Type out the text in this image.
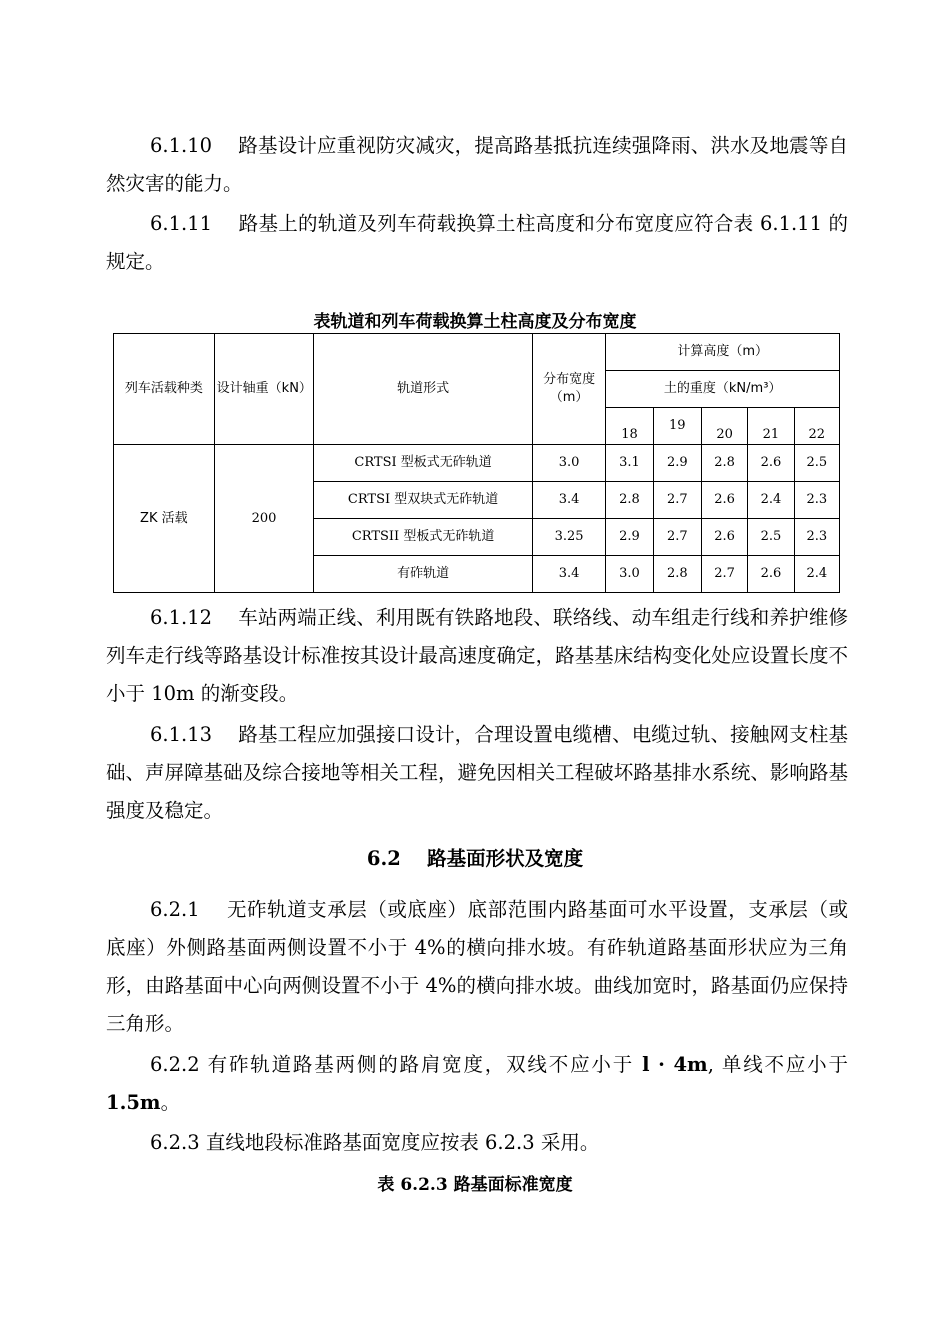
6.1.10　 路基设计应重视防灾减灾，提高路基抵抗连续强降雨、洪水及地震等自然灾害的能力。
6.1.11　 路基上的轨道及列车荷载换算土柱高度和分布宽度应符合表 6.1.11 的规定。
表轨道和列车荷载换算土柱高度及分布宽度
列车活载种类	设计轴重（kN）	轨道形式	分布宽度（m）	计算高度（m）				
				土的重度（kN/m³）				
				18	19	20	21	22
ZK 活载	200	CRTSI 型板式无砟轨道	3.0	3.1	2.9	2.8	2.6	2.5
		CRTSI 型双块式无砟轨道	3.4	2.8	2.7	2.6	2.4	2.3
		CRTSII 型板式无砟轨道	3.25	2.9	2.7	2.6	2.5	2.3
		有砟轨道	3.4	3.0	2.8	2.7	2.6	2.4
6.1.12　 车站两端正线、利用既有铁路地段、联络线、动车组走行线和养护维修列车走行线等路基设计标准按其设计最高速度确定，路基基床结构变化处应设置长度不小于 10m 的渐变段。
6.1.13　 路基工程应加强接口设计，合理设置电缆槽、电缆过轨、接触网支柱基础、声屏障基础及综合接地等相关工程，避免因相关工程破坏路基排水系统、影响路基强度及稳定。
6.2　 路基面形状及宽度
6.2.1　 无砟轨道支承层（或底座）底部范围内路基面可水平设置，支承层（或底座）外侧路基面两侧设置不小于 4%的横向排水坡。有砟轨道路基面形状应为三角形，由路基面中心向两侧设置不小于 4%的横向排水坡。曲线加宽时，路基面仍应保持三角形。
6.2.2 有砟轨道路基两侧的路肩宽度，双线不应小于 l · 4m, 单线不应小于 1.5m。
6.2.3 直线地段标准路基面宽度应按表 6.2.3 采用。
表 6.2.3 路基面标准宽度
